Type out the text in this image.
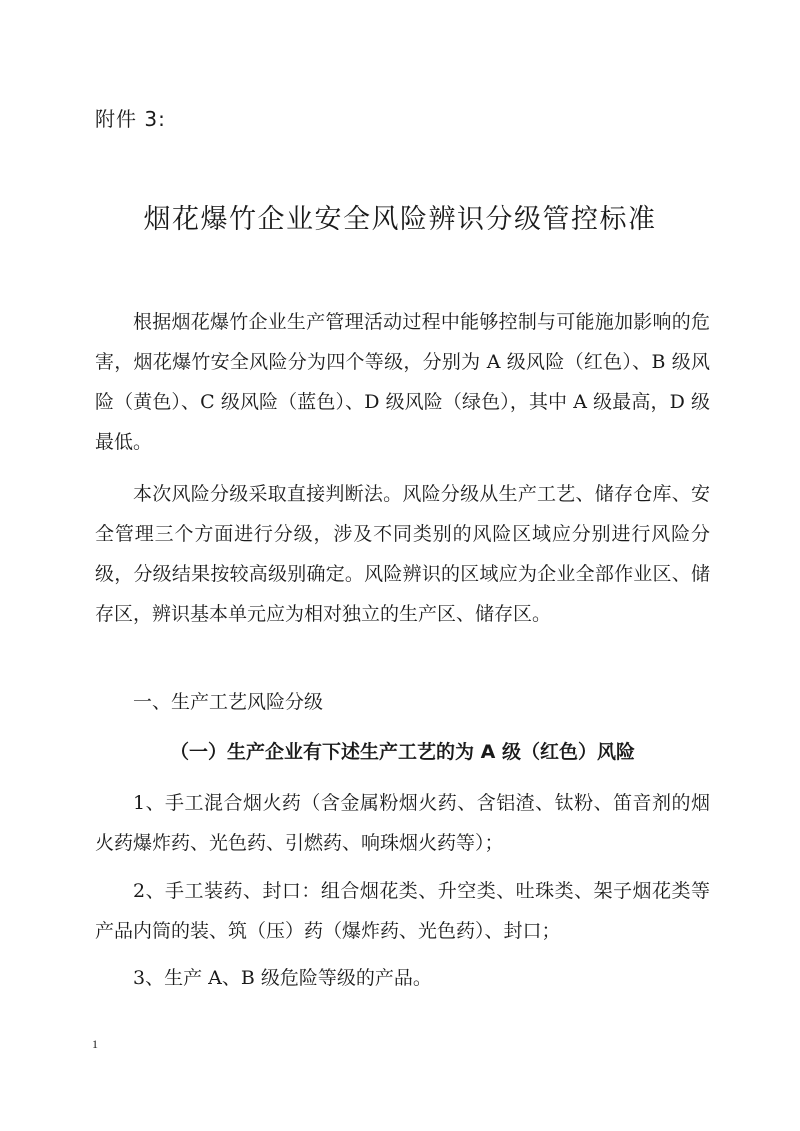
附件 3:
烟花爆竹企业安全风险辨识分级管控标准

根据烟花爆竹企业生产管理活动过程中能够控制与可能施加影响的危害，烟花爆竹安全风险分为四个等级，分别为 A 级风险（红色）、B 级风险（黄色）、C 级风险（蓝色）、D 级风险（绿色），其中 A 级最高，D 级最低。

本次风险分级采取直接判断法。风险分级从生产工艺、储存仓库、安全管理三个方面进行分级，涉及不同类别的风险区域应分别进行风险分级，分级结果按较高级别确定。风险辨识的区域应为企业全部作业区、储存区，辨识基本单元应为相对独立的生产区、储存区。

一、生产工艺风险分级

（一）生产企业有下述生产工艺的为 A 级（红色）风险

1、手工混合烟火药（含金属粉烟火药、含铝渣、钛粉、笛音剂的烟火药爆炸药、光色药、引燃药、响珠烟火药等）；

2、手工装药、封口：组合烟花类、升空类、吐珠类、架子烟花类等产品内筒的装、筑（压）药（爆炸药、光色药）、封口；

3、生产 A、B 级危险等级的产品。

1
